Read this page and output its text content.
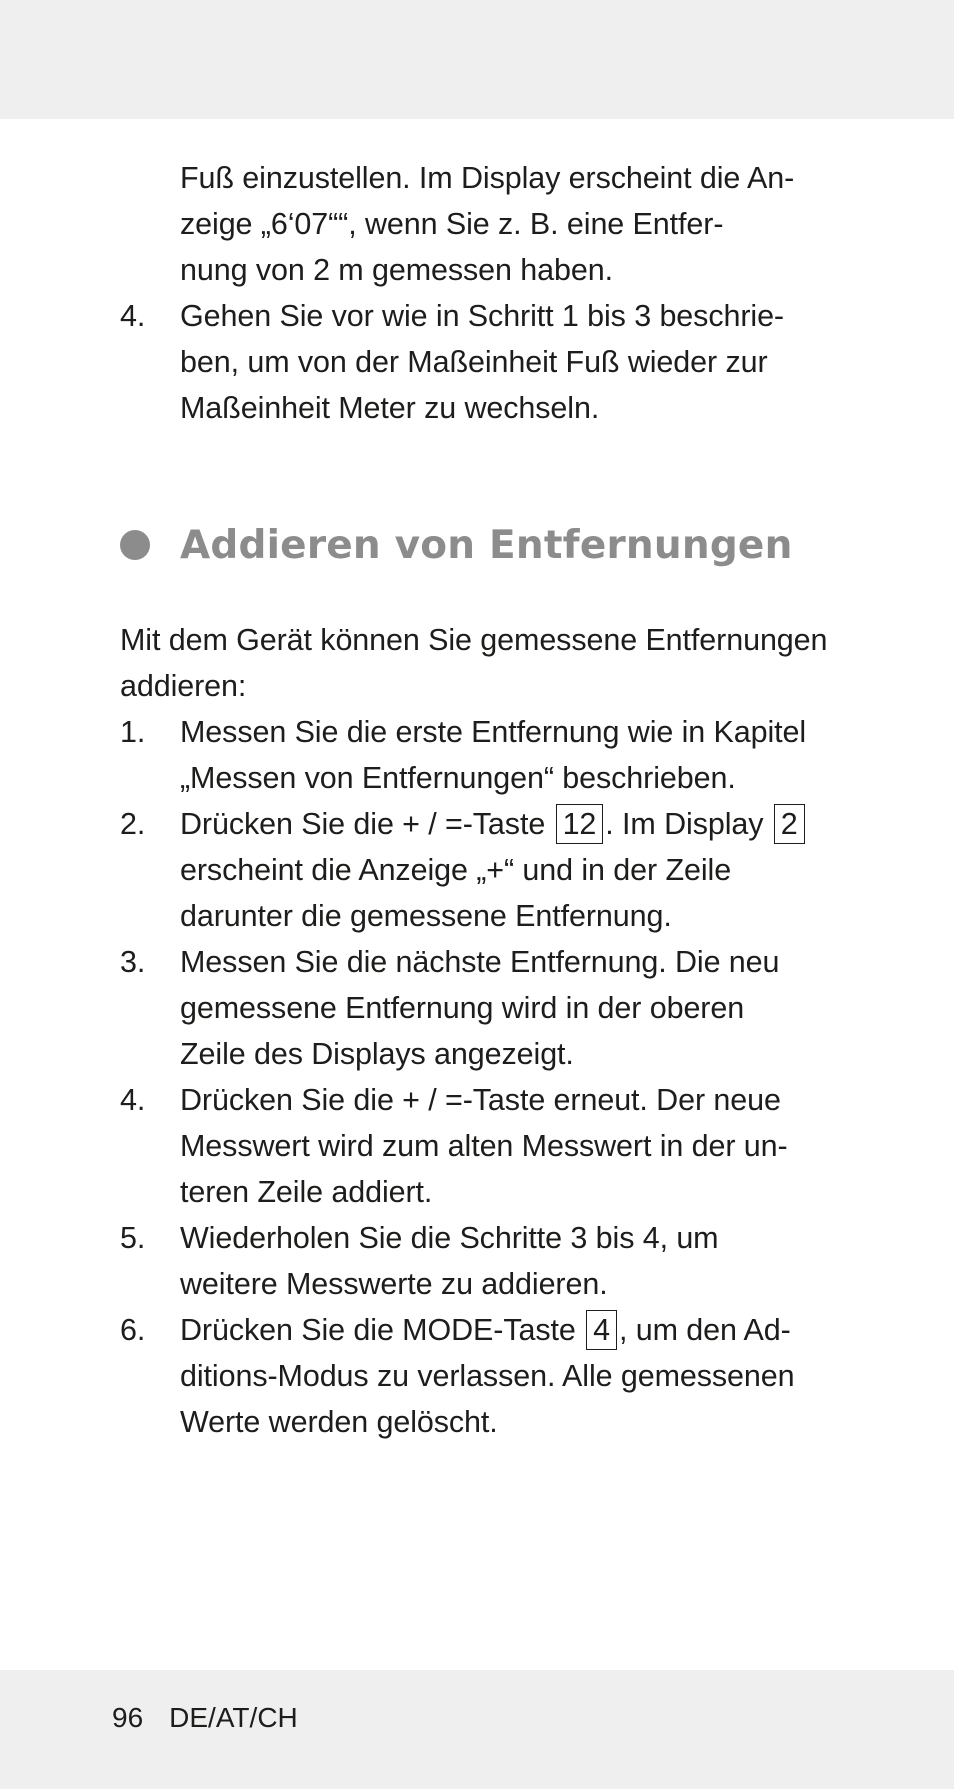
Fuß einzustellen. Im Display erscheint die An-

zeige „6‘07““, wenn Sie z. B. eine Entfer-

nung von 2 m gemessen haben.

4. Gehen Sie vor wie in Schritt 1 bis 3 beschrie-
ben, um von der Maßeinheit Fuß wieder zur
Maßeinheit Meter zu wechseln.
Addieren von Entfernungen
Mit dem Gerät können Sie gemessene Entfernungen
addieren:
1. Messen Sie die erste Entfernung wie in Kapitel
„Messen von Entfernungen“ beschrieben.
2. Drücken Sie die + / =-Taste 12 . Im Display 2
erscheint die Anzeige „+“ und in der Zeile
darunter die gemessene Entfernung.
3. Messen Sie die nächste Entfernung. Die neu
gemessene Entfernung wird in der oberen
Zeile des Displays angezeigt.
4. Drücken Sie die + / =-Taste erneut. Der neue
Messwert wird zum alten Messwert in der un-
teren Zeile addiert.
5. Wiederholen Sie die Schritte 3 bis 4, um
weitere Messwerte zu addieren.
6. Drücken Sie die MODE-Taste 4 , um den Ad-
ditions-Modus zu verlassen. Alle gemessenen
Werte werden gelöscht.
96 DE/AT/CH
